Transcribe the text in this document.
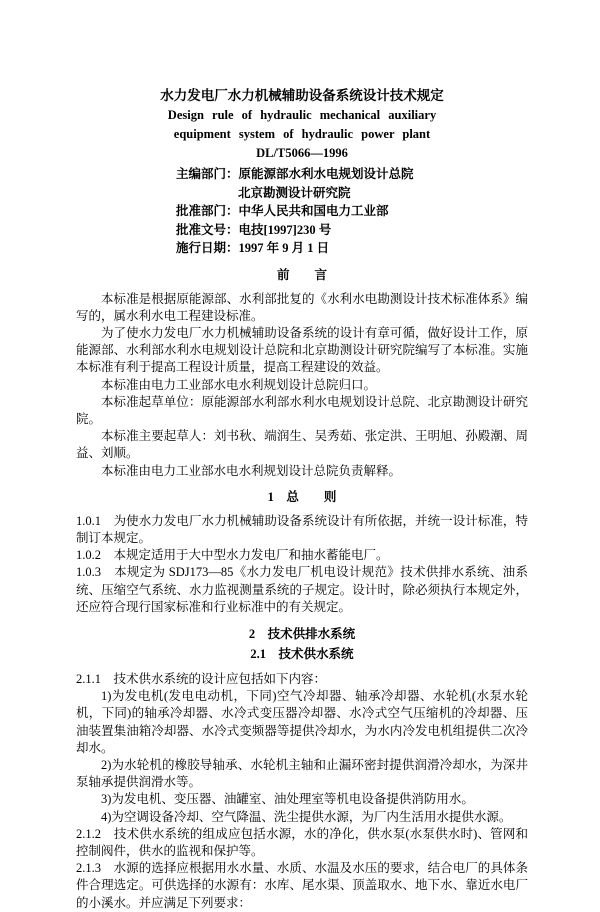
水力发电厂水力机械辅助设备系统设计技术规定
Design rule of hydraulic mechanical auxiliary
equipment system of hydraulic power plant
DL/T5066—1996
主编部门：原能源部水利水电规划设计总院
北京勘测设计研究院
批准部门：中华人民共和国电力工业部
批准文号：电技[1997]230 号
施行日期：1997 年 9 月 1 日
前　　言

本标准是根据原能源部、水利部批复的《水利水电勘测设计技术标准体系》编写的，属水利水电工程建设标准。

为了使水力发电厂水力机械辅助设备系统的设计有章可循，做好设计工作，原能源部、水利部水利水电规划设计总院和北京勘测设计研究院编写了本标准。实施本标准有利于提高工程设计质量，提高工程建设的效益。

本标准由电力工业部水电水利规划设计总院归口。

本标准起草单位：原能源部水利部水利水电规划设计总院、北京勘测设计研究院。

本标准主要起草人：刘书秋、端润生、吴秀茹、张定洪、王明旭、孙殿潮、周益、刘顺。

本标准由电力工业部水电水利规划设计总院负责解释。

1　总　　则

1.0.1　为使水力发电厂水力机械辅助设备系统设计有所依据，并统一设计标准，特制订本规定。

1.0.2　本规定适用于大中型水力发电厂和抽水蓄能电厂。

1.0.3　本规定为 SDJ173—85《水力发电厂机电设计规范》技术供排水系统、油系统、压缩空气系统、水力监视测量系统的子规定。设计时，除必须执行本规定外，还应符合现行国家标准和行业标准中的有关规定。

2　技术供排水系统
2.1　技术供水系统

2.1.1　技术供水系统的设计应包括如下内容：

1)为发电机(发电电动机，下同)空气冷却器、轴承冷却器、水轮机(水泵水轮机，下同)的轴承冷却器、水冷式变压器冷却器、水冷式空气压缩机的冷却器、压油装置集油箱冷却器、水冷式变频器等提供冷却水，为水内冷发电机组提供二次冷却水。

2)为水轮机的橡胶导轴承、水轮机主轴和止漏环密封提供润滑冷却水，为深井泵轴承提供润滑水等。

3)为发电机、变压器、油罐室、油处理室等机电设备提供消防用水。

4)为空调设备冷却、空气降温、洗尘提供水源，为厂内生活用水提供水源。

2.1.2　技术供水系统的组成应包括水源，水的净化，供水泵(水泵供水时)、管网和控制阀件，供水的监视和保护等。

2.1.3　水源的选择应根据用水水量、水质、水温及水压的要求，结合电厂的具体条件合理选定。可供选择的水源有：水库、尾水渠、顶盖取水、地下水、靠近水电厂的小溪水。并应满足下列要求：
